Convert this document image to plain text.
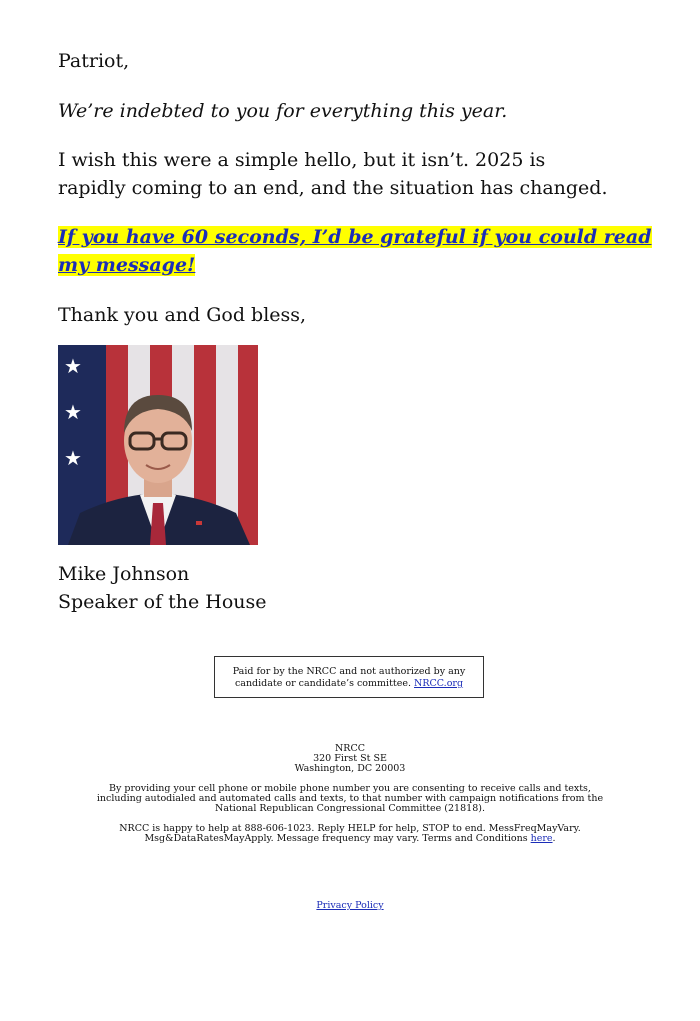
Patriot,

We’re indebted to you for everything this year.

I wish this were a simple hello, but it isn’t. 2025 is rapidly coming to an end, and the situation has changed.

If you have 60 seconds, I’d be grateful if you could read my message!

Thank you and God bless,

★
★
★

Mike Johnson

Speaker of the House

Paid for by the NRCC and not authorized by any candidate or candidate’s committee. NRCC.org

NRCC

320 First St SE

Washington, DC 20003

By providing your cell phone or mobile phone number you are consenting to receive calls and texts, including autodialed and automated calls and texts, to that number with campaign notifications from the National Republican Congressional Committee (21818).

NRCC is happy to help at 888-606-1023. Reply HELP for help, STOP to end. MessFreqMayVary. Msg&DataRatesMayApply. Message frequency may vary. Terms and Conditions here.

Privacy Policy
